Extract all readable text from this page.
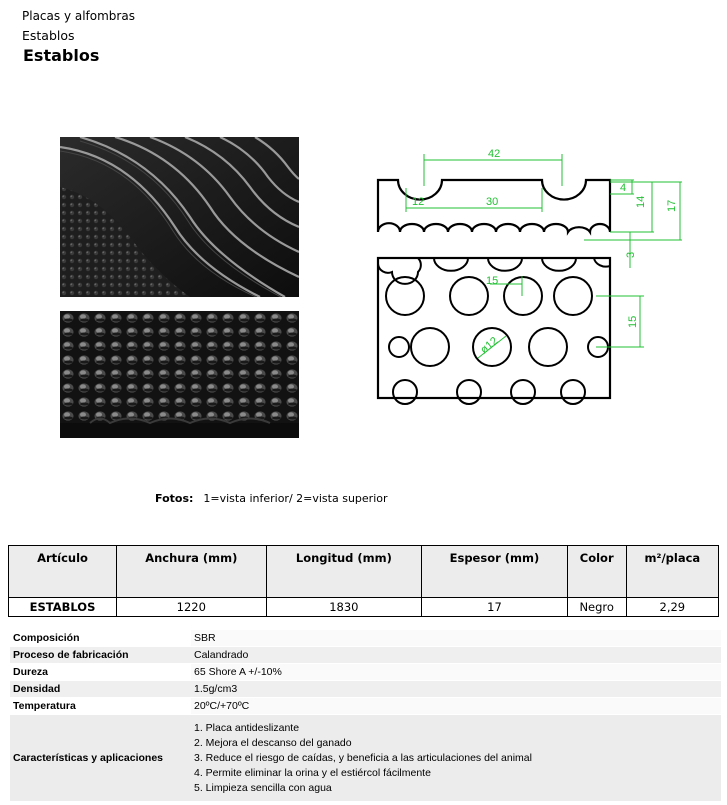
Placas y alfombras
Establos
Establos
42
12	30
4
14 17
3
15
15
ø12
Fotos: 1=vista inferior/ 2=vista superior
Artículo	Anchura (mm)	Longitud (mm)	Espesor (mm)	Color	m²/placa
ESTABLOS	1220	1830	17	Negro	2,29
Composición	SBR
Proceso de fabricación	Calandrado
Dureza	65 Shore A +/-10%
Densidad	1.5g/cm3
Temperatura	20ºC/+70ºC
Características y aplicaciones	1. Placa antideslizante
2. Mejora el descanso del ganado
3. Reduce el riesgo de caídas, y beneficia a las articulaciones del animal
4. Permite eliminar la orina y el estiércol fácilmente
5. Limpieza sencilla con agua
